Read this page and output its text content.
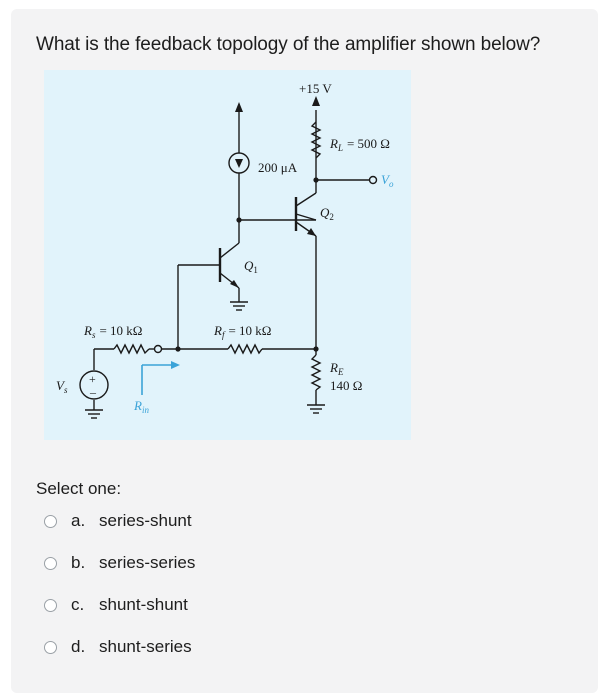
What is the feedback topology of the amplifier shown below?

+15 V
200 μA
$R_L = 500$ Ω
$V_o$
$Q_1$
$Q_2$
$R_s = 10$ kΩ	$R_f = 10$ kΩ
$R_E$
140 Ω
$V_s$
$R_{in}$
+
–
Select one:
a. series-shunt
b. series-series
c. shunt-shunt
d. shunt-series
